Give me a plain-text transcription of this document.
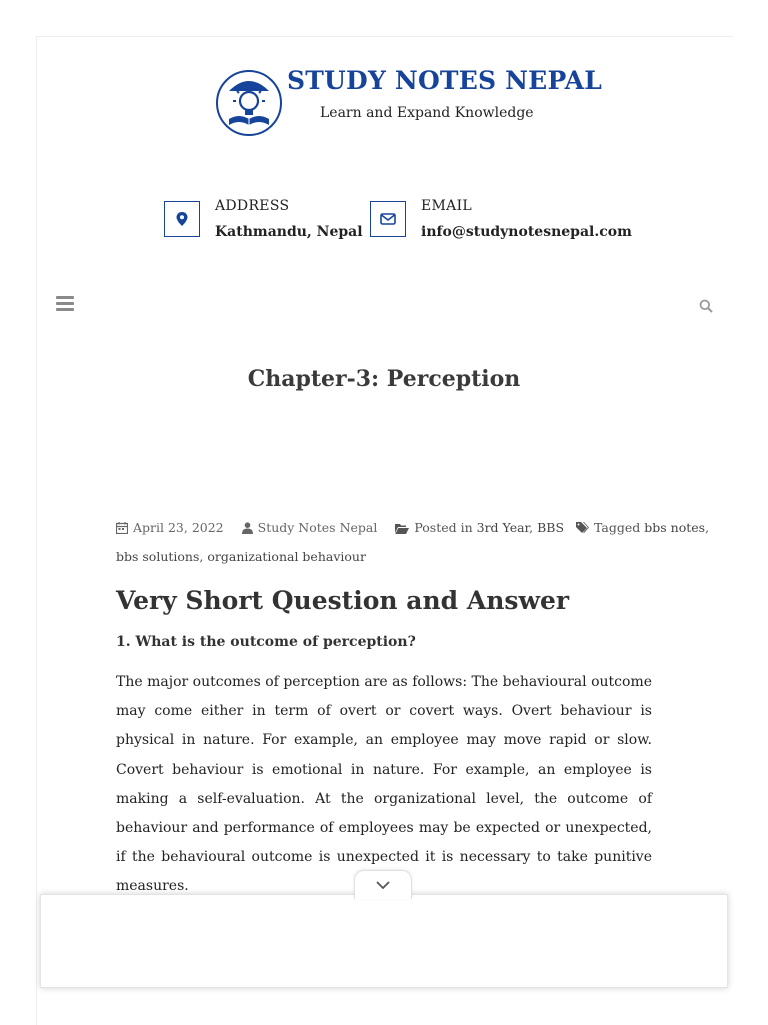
STUDY NOTES NEPAL
Learn and Expand Knowledge
ADDRESS
Kathmandu, Nepal
EMAIL
info@studynotesnepal.com
Chapter-3: Perception
April 23, 2022	Study Notes Nepal	Posted in 3rd Year, BBS Tagged bbs notes,
bbs solutions, organizational behaviour
Very Short Question and Answer
1. What is the outcome of perception?
The major outcomes of perception are as follows: The behavioural outcome may come either in term of overt or covert ways. Overt behaviour is physical in nature. For example, an employee may move rapid or slow. Covert behaviour is emotional in nature. For example, an employee is making a self-evaluation. At the organizational level, the outcome of behaviour and performance of employees may be expected or unexpected, if the behavioural outcome is unexpected it is necessary to take punitive measures.
